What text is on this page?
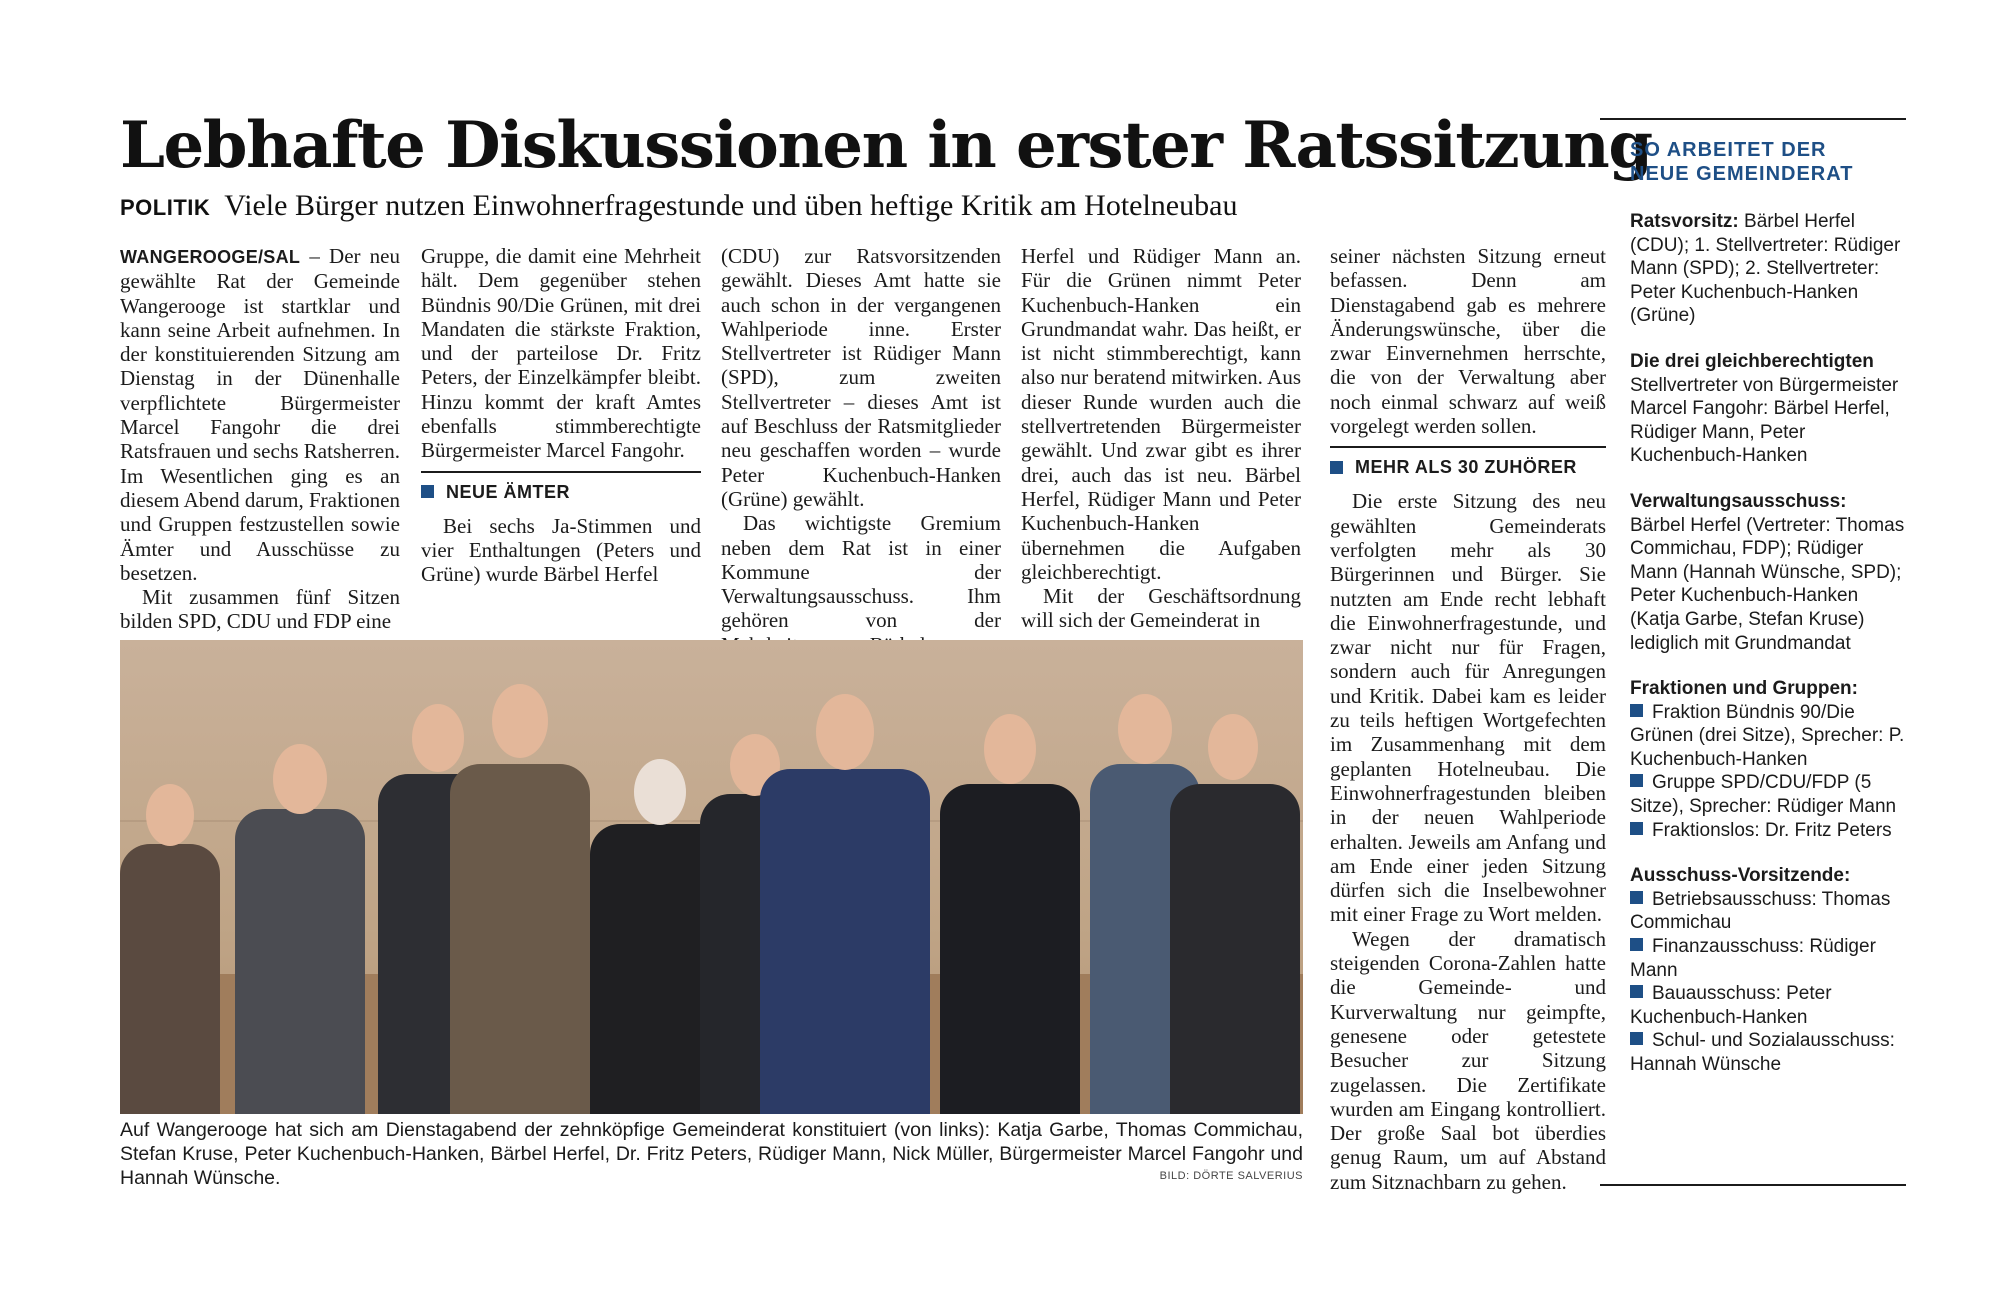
Lebhafte Diskussionen in erster Ratssitzung
POLITIK Viele Bürger nutzen Einwohnerfragestunde und üben heftige Kritik am Hotelneubau

WANGEROOGE/SAL – Der neu gewählte Rat der Gemeinde Wangerooge ist startklar und kann seine Arbeit aufnehmen. In der konstituierenden Sitzung am Dienstag in der Dünenhalle verpflichtete Bürgermeister Marcel Fangohr die drei Ratsfrauen und sechs Ratsherren. Im Wesentlichen ging es an diesem Abend darum, Fraktionen und Gruppen festzustellen sowie Ämter und Ausschüsse zu besetzen.

Mit zusammen fünf Sitzen bilden SPD, CDU und FDP eine

Gruppe, die damit eine Mehrheit hält. Dem gegenüber stehen Bündnis 90/Die Grünen, mit drei Mandaten die stärkste Fraktion, und der parteilose Dr. Fritz Peters, der Einzelkämpfer bleibt. Hinzu kommt der kraft Amtes ebenfalls stimmberechtigte Bürgermeister Marcel Fangohr.

NEUE ÄMTER

Bei sechs Ja-Stimmen und vier Enthaltungen (Peters und Grüne) wurde Bärbel Herfel

(CDU) zur Ratsvorsitzenden gewählt. Dieses Amt hatte sie auch schon in der vergangenen Wahlperiode inne. Erster Stellvertreter ist Rüdiger Mann (SPD), zum zweiten Stellvertreter – dieses Amt ist auf Beschluss der Ratsmitglieder neu geschaffen worden – wurde Peter Kuchenbuch-Hanken (Grüne) gewählt.

Das wichtigste Gremium neben dem Rat ist in einer Kommune der Verwaltungsausschuss. Ihm gehören von der

Herfel und Rüdiger Mann an. Für die Grünen nimmt Peter Kuchenbuch-Hanken ein Grundmandat wahr. Das heißt, er ist nicht stimmberechtigt, kann also nur beratend mitwirken. Aus dieser Runde wurden auch die stellvertretenden Bürgermeister gewählt. Und zwar gibt es ihrer drei, auch das ist neu. Bärbel Herfel, Rüdiger Mann und Peter Kuchenbuch-Hanken übernehmen die Aufgaben gleichberechtigt.

Mit der Geschäftsordnung will sich der Gemeinderat in

seiner nächsten Sitzung erneut befassen. Denn am Dienstagabend gab es mehrere Änderungswünsche, über die zwar Einvernehmen herrschte, die von der Verwaltung aber noch einmal schwarz auf weiß vorgelegt werden sollen.

MEHR ALS 30 ZUHÖRER

Die erste Sitzung des neu gewählten Gemeinderats verfolgten mehr als 30 Bürgerinnen und Bürger. Sie nutzten am Ende recht lebhaft die Einwohnerfragestunde, und zwar nicht nur für Fragen, sondern auch für Anregungen und Kritik. Dabei kam es leider zu teils heftigen Wortgefechten im Zusammenhang mit dem geplanten Hotelneubau. Die Einwohnerfragestunden bleiben in der neuen Wahlperiode erhalten. Jeweils am Anfang und am Ende einer jeden Sitzung dürfen sich die Inselbewohner mit einer Frage zu Wort melden.

Wegen der dramatisch steigenden Corona-Zahlen hatte die Gemeinde- und Kurverwaltung nur geimpfte, genesene oder getestete Besucher zur Sitzung zugelassen. Die Zertifikate wurden am Eingang kontrolliert. Der große Saal bot überdies genug Raum, um auf Abstand zum Sitznachbarn zu gehen.

Auf Wangerooge hat sich am Dienstagabend der zehnköpfige Gemeinderat konstituiert (von links): Katja Garbe, Thomas Commichau, Stefan Kruse, Peter Kuchenbuch-Hanken, Bärbel Herfel, Dr. Fritz Peters, Rüdiger Mann, Nick Müller, Bürgermeister Marcel Fangohr und Hannah Wünsche.	BILD: DÖRTE SALVERIUS
SO ARBEITET DER
NEUE GEMEINDERAT
Ratsvorsitz: Bärbel Herfel (CDU); 1. Stellvertreter: Rüdiger Mann (SPD); 2. Stellvertreter: Peter Kuchenbuch-Hanken (Grüne)
Die drei gleichberechtigten
Stellvertreter von Bürgermeister Marcel Fangohr: Bärbel Herfel, Rüdiger Mann, Peter Kuchenbuch-Hanken
Verwaltungsausschuss:
Bärbel Herfel (Vertreter: Thomas Commichau, FDP); Rüdiger Mann (Hannah Wünsche, SPD); Peter Kuchenbuch-Hanken (Katja Garbe, Stefan Kruse) lediglich mit Grundmandat
Fraktionen und Gruppen:
Fraktion Bündnis 90/Die Grünen (drei Sitze), Sprecher: P. Kuchenbuch-Hanken
Gruppe SPD/CDU/FDP (5 Sitze), Sprecher: Rüdiger Mann
Fraktionslos: Dr. Fritz Peters
Ausschuss-Vorsitzende:
Betriebsausschuss: Thomas Commichau
Finanzausschuss: Rüdiger Mann
Bauausschuss: Peter Kuchenbuch-Hanken
Schul- und Sozialausschuss: Hannah Wünsche
